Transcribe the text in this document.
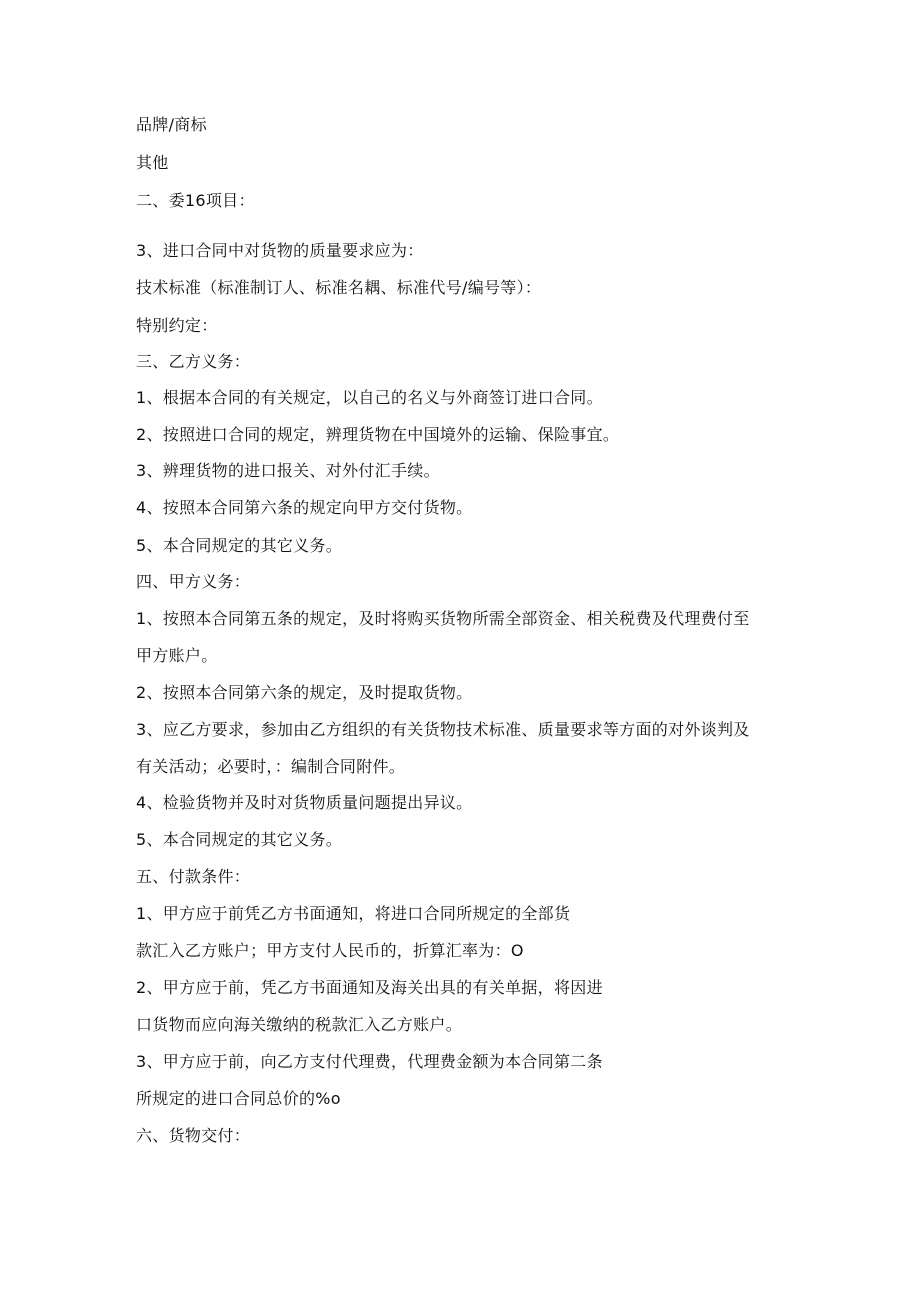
品牌/商标
其他
二、委16项目：
3、进口合同中对货物的质量要求应为：
技术标准（标准制订人、标准名耦、标准代号/编号等）：
特别约定：
三、乙方义务：
1、根据本合同的有关规定，以自己的名义与外商签订进口合同。
2、按照进口合同的规定，辨理货物在中国境外的运输、保险事宜。
3、辨理货物的进口报关、对外付汇手续。
4、按照本合同第六条的规定向甲方交付货物。
5、本合同规定的其它义务。
四、甲方义务：
1、按照本合同第五条的规定，及时将购买货物所需全部资金、相关税费及代理费付至
甲方账户。
2、按照本合同第六条的规定，及时提取货物。
3、应乙方要求，参加由乙方组织的有关货物技术标准、质量要求等方面的对外谈判及
有关活动；必要时，：编制合同附件。
4、检验货物并及时对货物质量问题提出异议。
5、本合同规定的其它义务。
五、付款条件：
1、甲方应于前凭乙方书面通知，将进口合同所规定的全部货
款汇入乙方账户；甲方支付人民币的，折算汇率为：O
2、甲方应于前，凭乙方书面通知及海关出具的有关单据，将因进
口货物而应向海关缴纳的税款汇入乙方账户。
3、甲方应于前，向乙方支付代理费，代理费金额为本合同第二条
所规定的进口合同总价的%o
六、货物交付：
